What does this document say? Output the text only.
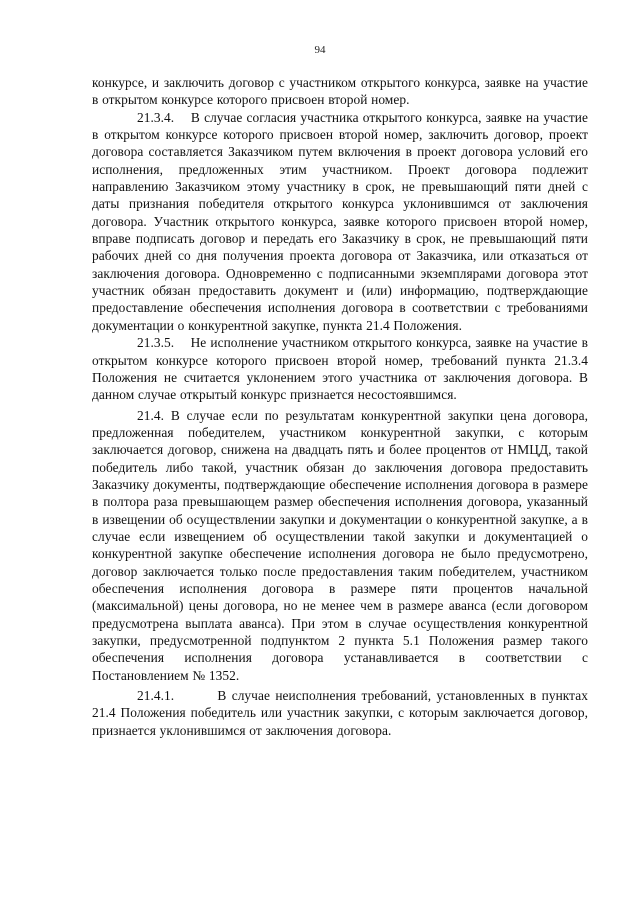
94

конкурсе, и заключить договор с участником открытого конкурса, заявке на участие в открытом конкурсе которого присвоен второй номер.

21.3.4.    В случае согласия участника открытого конкурса, заявке на участие в открытом конкурсе которого присвоен второй номер, заключить договор, проект договора составляется Заказчиком путем включения в проект договора условий его исполнения, предложенных этим участником. Проект договора подлежит направлению Заказчиком этому участнику в срок, не превышающий пяти дней с даты признания победителя открытого конкурса уклонившимся от заключения договора. Участник открытого конкурса, заявке которого присвоен второй номер, вправе подписать договор и передать его Заказчику в срок, не превышающий пяти рабочих дней со дня получения проекта договора от Заказчика, или отказаться от заключения договора. Одновременно с подписанными экземплярами договора этот участник обязан предоставить документ и (или) информацию, подтверждающие предоставление обеспечения исполнения договора в соответствии с требованиями документации о конкурентной закупке, пункта 21.4 Положения.

21.3.5.    Не исполнение участником открытого конкурса, заявке на участие в открытом конкурсе которого присвоен второй номер, требований пункта 21.3.4 Положения не считается уклонением этого участника от заключения договора. В данном случае открытый конкурс признается несостоявшимся.

21.4. В случае если по результатам конкурентной закупки цена договора, предложенная победителем, участником конкурентной закупки, с которым заключается договор, снижена на двадцать пять и более процентов от НМЦД, такой победитель либо такой, участник обязан до заключения договора предоставить Заказчику документы, подтверждающие обеспечение исполнения договора в размере в полтора раза превышающем размер обеспечения исполнения договора, указанный в извещении об осуществлении закупки и документации о конкурентной закупке, а в случае если извещением об осуществлении такой закупки и документацией о конкурентной закупке обеспечение исполнения договора не было предусмотрено, договор заключается только после предоставления таким победителем, участником обеспечения исполнения договора в размере пяти процентов начальной (максимальной) цены договора, но не менее чем в размере аванса (если договором предусмотрена выплата аванса). При этом в случае осуществления конкурентной закупки, предусмотренной подпунктом 2 пункта 5.1 Положения размер такого обеспечения исполнения договора устанавливается в соответствии с Постановлением № 1352.

21.4.1.        В случае неисполнения требований, установленных в пунктах 21.4 Положения победитель или участник закупки, с которым заключается договор, признается уклонившимся от заключения договора.
